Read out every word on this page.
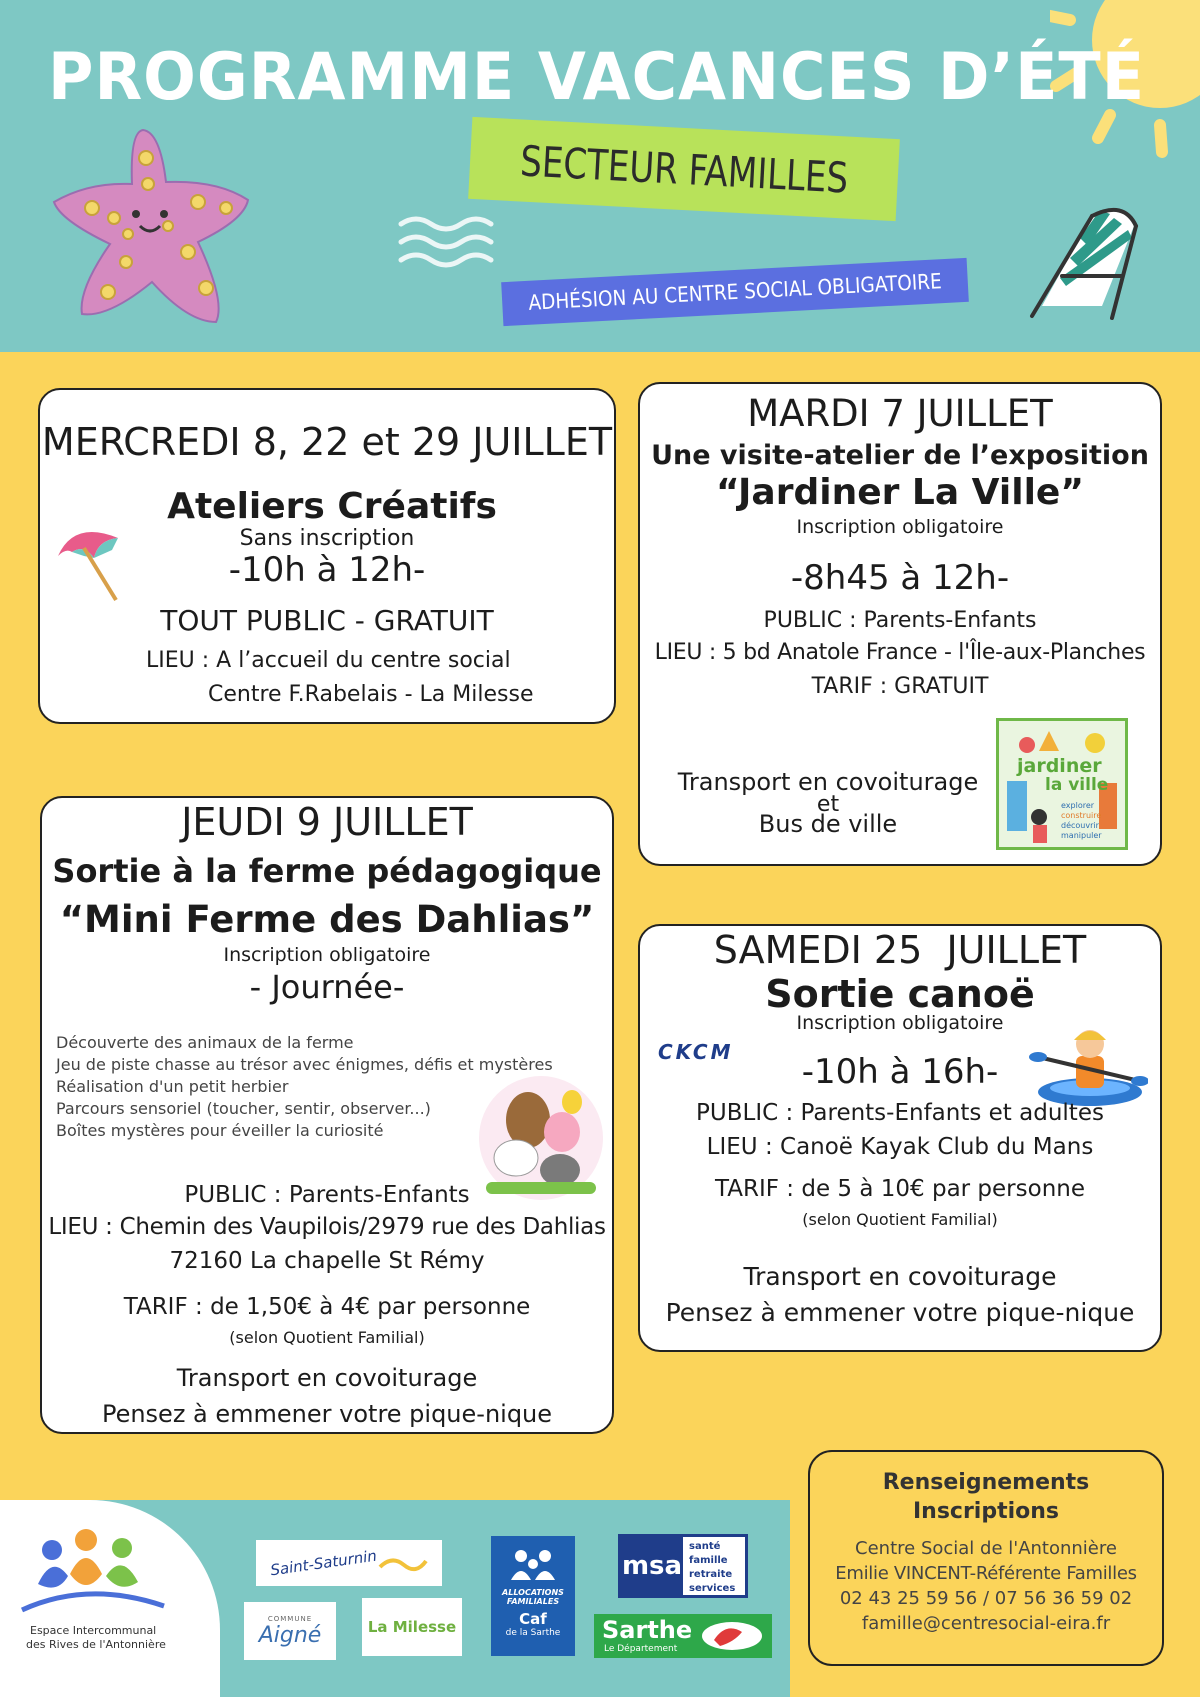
PROGRAMME VACANCES D’ÉTÉ
SECTEUR FAMILLES
ADHÉSION AU CENTRE SOCIAL OBLIGATOIRE
MERCREDI 8, 22 et 29 JUILLET
Ateliers Créatifs
Sans inscription
-10h à 12h-
TOUT PUBLIC - GRATUIT
LIEU : A l’accueil du centre social
Centre F.Rabelais - La Milesse
MARDI 7 JUILLET
Une visite-atelier de l’exposition
“Jardiner La Ville”
Inscription obligatoire
-8h45 à 12h-
PUBLIC : Parents-Enfants
LIEU : 5 bd Anatole France - l'Île-aux-Planches
TARIF : GRATUIT
Transport en covoiturage
et
Bus de ville
jardiner
la ville
explorer
construire
découvrir
manipuler
JEUDI 9 JUILLET
Sortie à la ferme pédagogique
“Mini Ferme des Dahlias”
Inscription obligatoire
- Journée-
Découverte des animaux de la ferme
Jeu de piste chasse au trésor avec énigmes, défis et mystères
Réalisation d'un petit herbier
Parcours sensoriel (toucher, sentir, observer...)
Boîtes mystères pour éveiller la curiosité
PUBLIC : Parents-Enfants
LIEU : Chemin des Vaupilois/2979 rue des Dahlias
72160 La chapelle St Rémy
TARIF : de 1,50€ à 4€ par personne
(selon Quotient Familial)
Transport en covoiturage
Pensez à emmener votre pique-nique
SAMEDI 25  JUILLET
Sortie canoë
Inscription obligatoire
CKCM	-10h à 16h-
PUBLIC : Parents-Enfants et adultes
LIEU : Canoë Kayak Club du Mans
TARIF : de 5 à 10€ par personne
(selon Quotient Familial)
Transport en covoiturage
Pensez à emmener votre pique-nique
Espace Intercommunal
des Rives de l'Antonnière
Saint-Saturnin
COMMUNE
Aigné	La Milesse
ALLOCATIONS
FAMILIALES
Caf
de la Sarthe
msa
santé
famille
retraite
services
Sarthe
Le Département
Renseignements
Inscriptions
Centre Social de l'Antonnière
Emilie VINCENT-Référente Familles
02 43 25 59 56 / 07 56 36 59 02
famille@centresocial-eira.fr
